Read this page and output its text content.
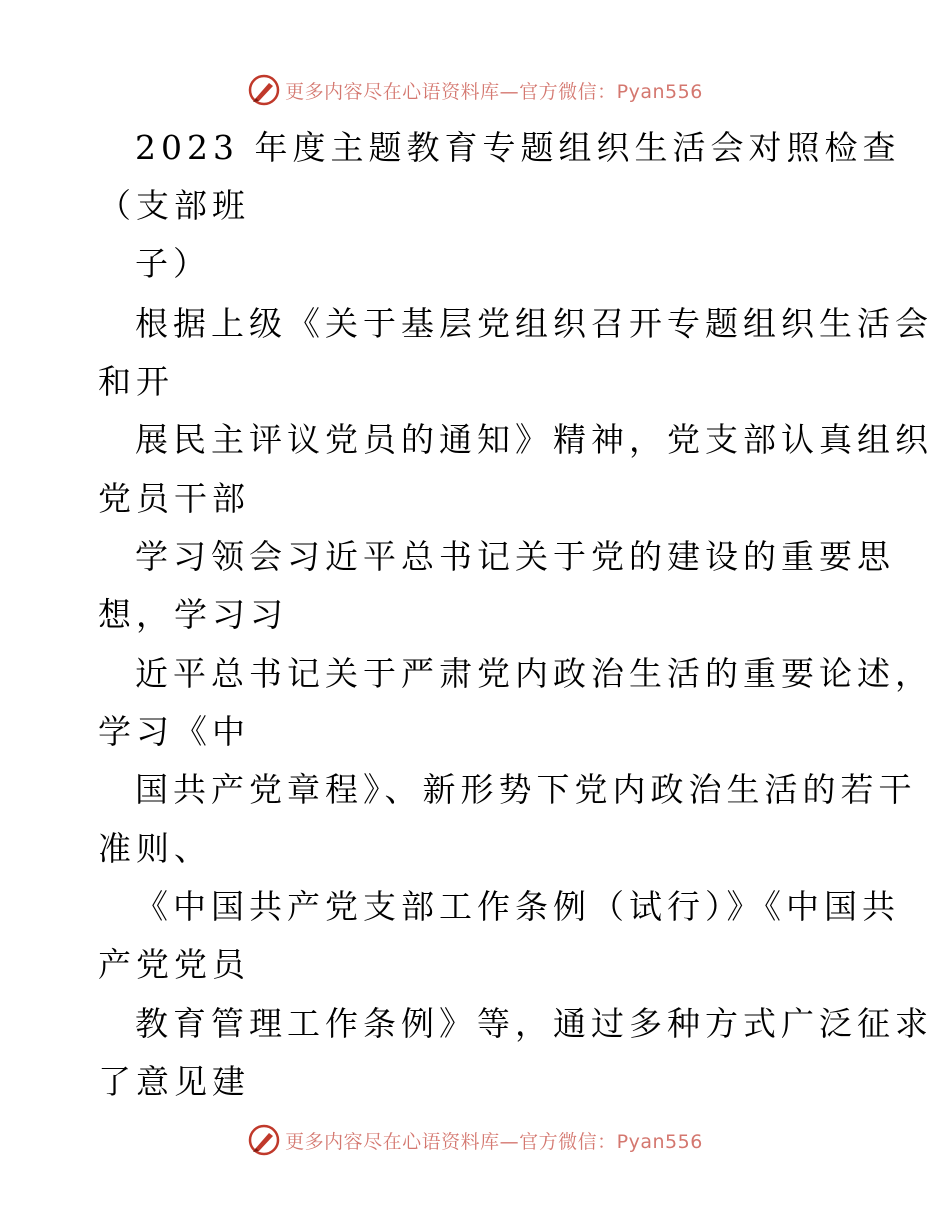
更多内容尽在心语资料库—官方微信：Pyan556
2023 年度主题教育专题组织生活会对照检查
（支部班
子）
根据上级《关于基层党组织召开专题组织生活会
和开
展民主评议党员的通知》精神，党支部认真组织
党员干部
学习领会习近平总书记关于党的建设的重要思
想，学习习
近平总书记关于严肃党内政治生活的重要论述，
学习《中
国共产党章程》、新形势下党内政治生活的若干
准则、
《中国共产党支部工作条例（试行）》《中国共
产党党员
教育管理工作条例》等，通过多种方式广泛征求
了意见建
更多内容尽在心语资料库—官方微信：Pyan556
